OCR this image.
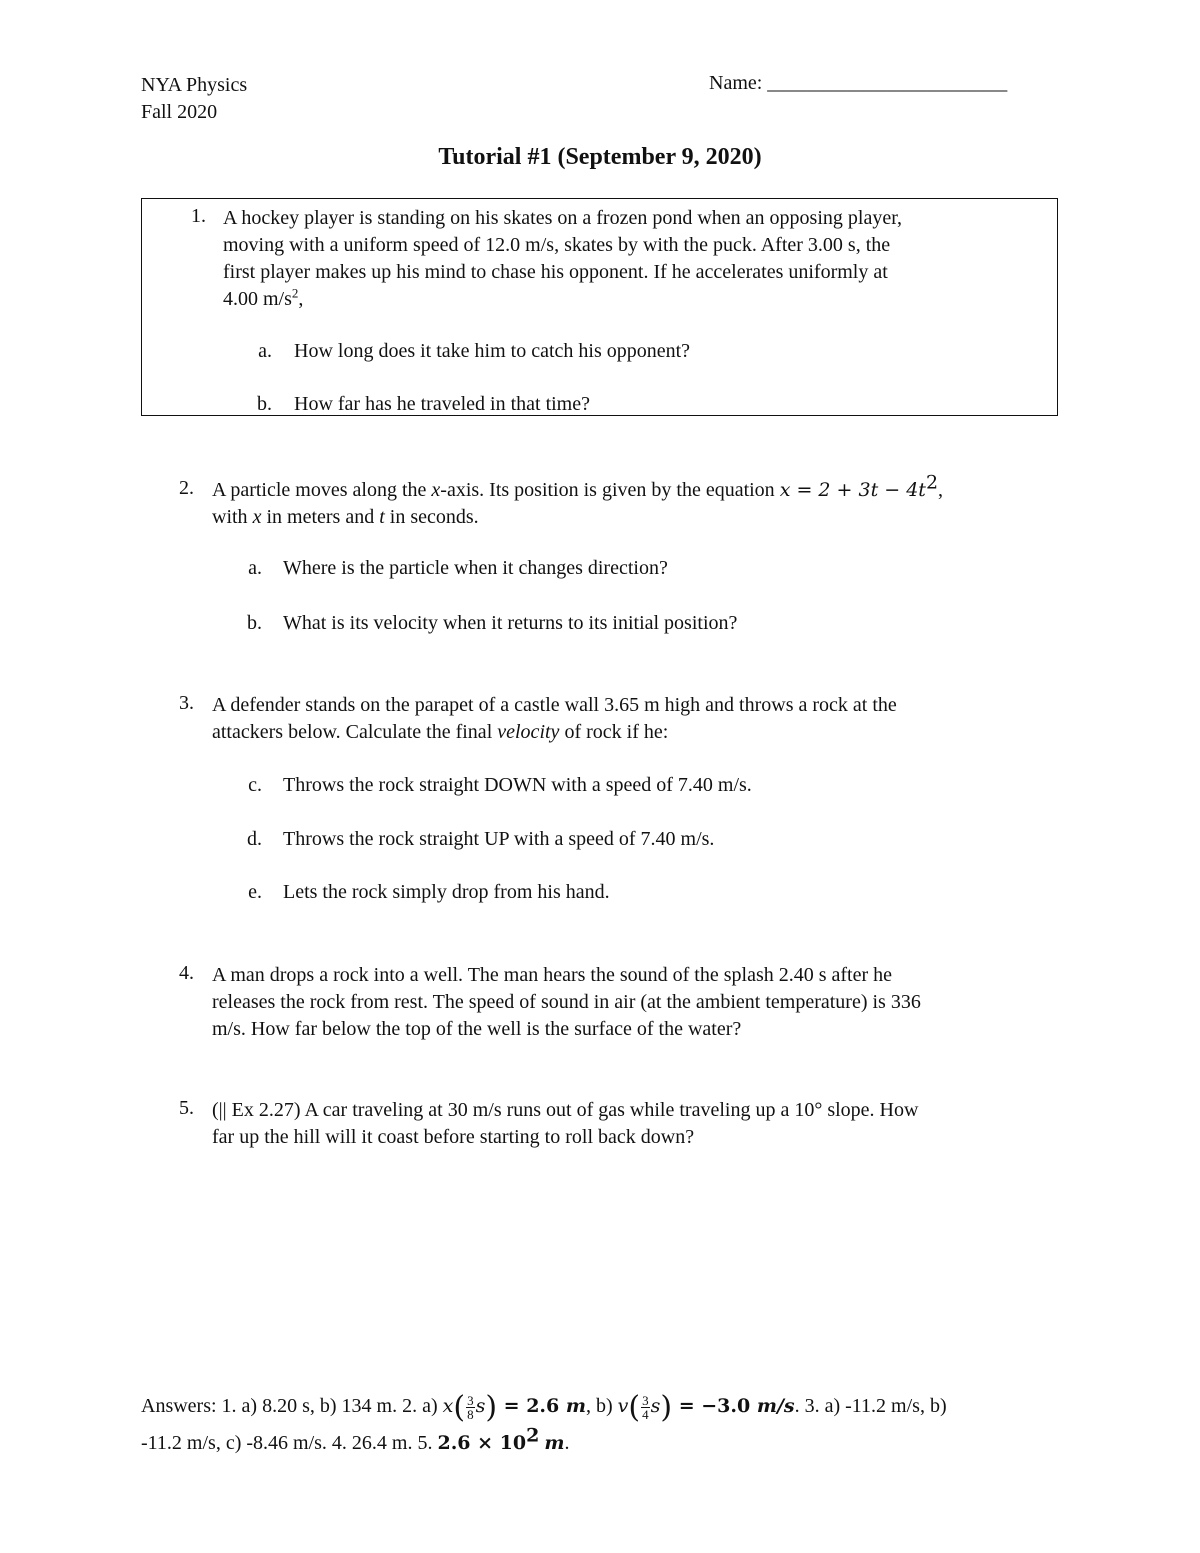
NYA Physics
Fall 2020
Name: ________________________
Tutorial #1 (September 9, 2020)
1. A hockey player is standing on his skates on a frozen pond when an opposing player,
moving with a uniform speed of 12.0 m/s, skates by with the puck. After 3.00 s, the
first player makes up his mind to chase his opponent. If he accelerates uniformly at
4.00 $m/s^2$,
a. How long does it take him to catch his opponent?
b. How far has he traveled in that time?
2. A particle moves along the x-axis. Its position is given by the equation $x = 2 + 3t - 4t^2$,
with x in meters and t in seconds.
a. Where is the particle when it changes direction?
b. What is its velocity when it returns to its initial position?
3. A defender stands on the parapet of a castle wall 3.65 m high and throws a rock at the
attackers below. Calculate the final velocity of rock if he:
c. Throws the rock straight DOWN with a speed of 7.40 m/s.
d. Throws the rock straight UP with a speed of 7.40 m/s.
e. Lets the rock simply drop from his hand.
4. A man drops a rock into a well. The man hears the sound of the splash 2.40 s after he
releases the rock from rest. The speed of sound in air (at the ambient temperature) is 336
m/s. How far below the top of the well is the surface of the water?
5. (|| Ex 2.27) A car traveling at 30 m/s runs out of gas while traveling up a 10° slope. How
far up the hill will it coast before starting to roll back down?
Answers: 1. a) 8.20 s, b) 134 m. 2. a) $x( \frac{3}{8} s) = 2.6$ m, b) $v( \frac{3}{4} s) = -3.0$ m/s. 3. a) -11.2 m/s, b)
-11.2 m/s, c) -8.46 m/s. 4. 26.4 m. 5. $2.6 \times 10^2$ m.
